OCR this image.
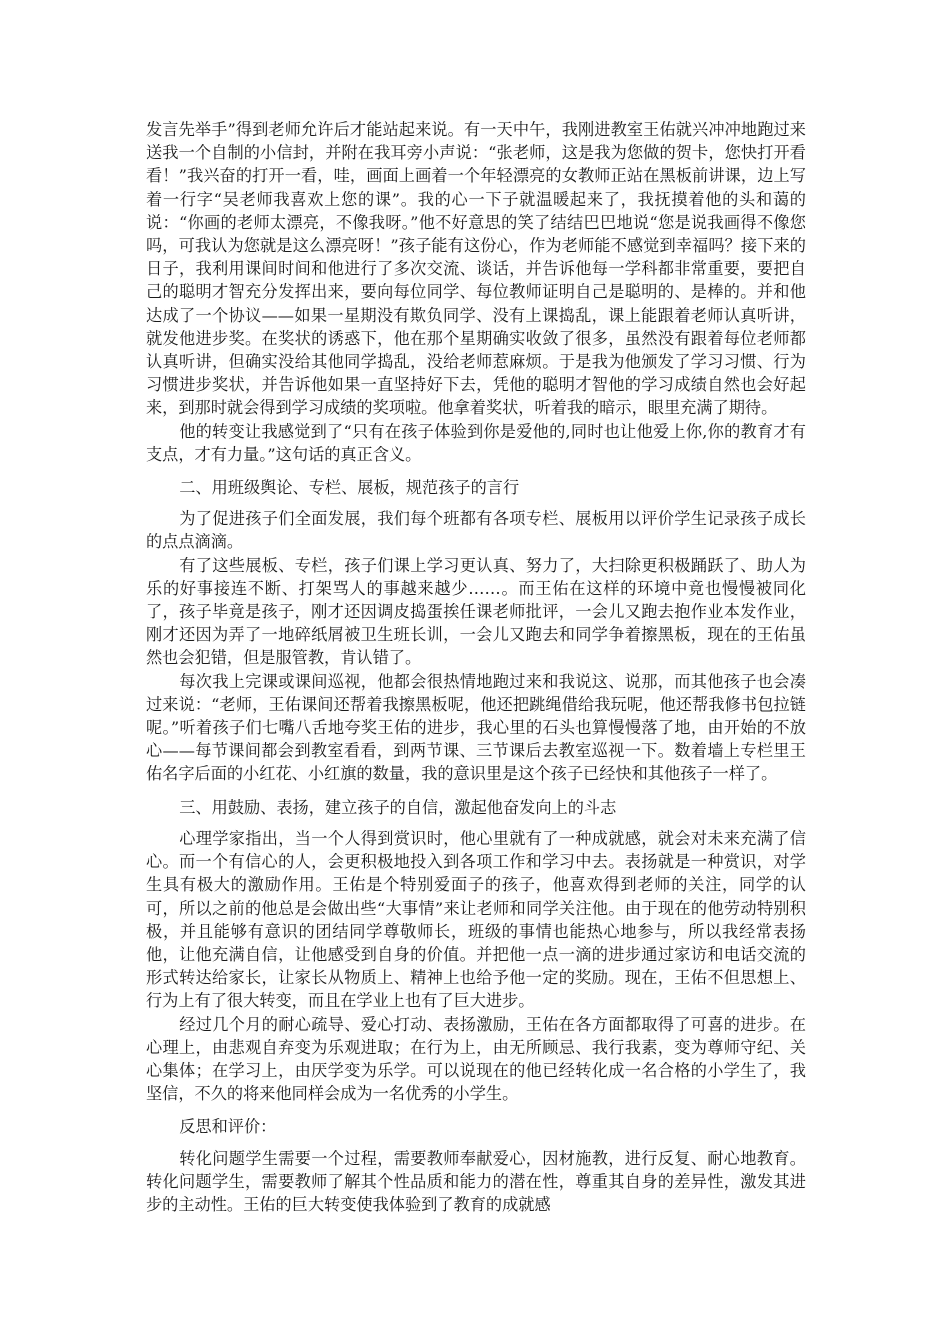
发言先举手”得到老师允许后才能站起来说。有一天中午，我刚进教室王佑就兴冲冲地跑过来送我一个自制的小信封，并附在我耳旁小声说：“张老师，这是我为您做的贺卡，您快打开看看！”我兴奋的打开一看，哇，画面上画着一个年轻漂亮的女教师正站在黑板前讲课，边上写着一行字“吴老师我喜欢上您的课”。我的心一下子就温暖起来了，我抚摸着他的头和蔼的说：“你画的老师太漂亮，不像我呀。”他不好意思的笑了结结巴巴地说“您是说我画得不像您吗，可我认为您就是这么漂亮呀！”孩子能有这份心，作为老师能不感觉到幸福吗？接下来的日子，我利用课间时间和他进行了多次交流、谈话，并告诉他每一学科都非常重要，要把自己的聪明才智充分发挥出来，要向每位同学、每位教师证明自己是聪明的、是棒的。并和他达成了一个协议——如果一星期没有欺负同学、没有上课捣乱，课上能跟着老师认真听讲，就发他进步奖。在奖状的诱惑下，他在那个星期确实收敛了很多，虽然没有跟着每位老师都认真听讲，但确实没给其他同学捣乱，没给老师惹麻烦。于是我为他颁发了学习习惯、行为习惯进步奖状，并告诉他如果一直坚持好下去，凭他的聪明才智他的学习成绩自然也会好起来，到那时就会得到学习成绩的奖项啦。他拿着奖状，听着我的暗示，眼里充满了期待。

他的转变让我感觉到了“只有在孩子体验到你是爱他的,同时也让他爱上你,你的教育才有支点，才有力量。”这句话的真正含义。

二、用班级舆论、专栏、展板，规范孩子的言行

为了促进孩子们全面发展，我们每个班都有各项专栏、展板用以评价学生记录孩子成长的点点滴滴。

有了这些展板、专栏，孩子们课上学习更认真、努力了，大扫除更积极踊跃了、助人为乐的好事接连不断、打架骂人的事越来越少……。而王佑在这样的环境中竟也慢慢被同化了，孩子毕竟是孩子，刚才还因调皮捣蛋挨任课老师批评，一会儿又跑去抱作业本发作业，刚才还因为弄了一地碎纸屑被卫生班长训，一会儿又跑去和同学争着擦黑板，现在的王佑虽然也会犯错，但是服管教，肯认错了。

每次我上完课或课间巡视，他都会很热情地跑过来和我说这、说那，而其他孩子也会凑过来说：“老师，王佑课间还帮着我擦黑板呢，他还把跳绳借给我玩呢，他还帮我修书包拉链呢。”听着孩子们七嘴八舌地夸奖王佑的进步，我心里的石头也算慢慢落了地，由开始的不放心——每节课间都会到教室看看，到两节课、三节课后去教室巡视一下。数着墙上专栏里王佑名字后面的小红花、小红旗的数量，我的意识里是这个孩子已经快和其他孩子一样了。

三、用鼓励、表扬，建立孩子的自信，激起他奋发向上的斗志

心理学家指出，当一个人得到赏识时，他心里就有了一种成就感，就会对未来充满了信心。而一个有信心的人，会更积极地投入到各项工作和学习中去。表扬就是一种赏识，对学生具有极大的激励作用。王佑是个特别爱面子的孩子，他喜欢得到老师的关注，同学的认可，所以之前的他总是会做出些“大事情”来让老师和同学关注他。由于现在的他劳动特别积极，并且能够有意识的团结同学尊敬师长，班级的事情也能热心地参与，所以我经常表扬他，让他充满自信，让他感受到自身的价值。并把他一点一滴的进步通过家访和电话交流的形式转达给家长，让家长从物质上、精神上也给予他一定的奖励。现在，王佑不但思想上、行为上有了很大转变，而且在学业上也有了巨大进步。

经过几个月的耐心疏导、爱心打动、表扬激励，王佑在各方面都取得了可喜的进步。在心理上，由悲观自弃变为乐观进取；在行为上，由无所顾忌、我行我素，变为尊师守纪、关心集体；在学习上，由厌学变为乐学。可以说现在的他已经转化成一名合格的小学生了，我坚信，不久的将来他同样会成为一名优秀的小学生。

反思和评价：

转化问题学生需要一个过程，需要教师奉献爱心，因材施教，进行反复、耐心地教育。转化问题学生，需要教师了解其个性品质和能力的潜在性，尊重其自身的差异性，激发其进步的主动性。王佑的巨大转变使我体验到了教育的成就感
